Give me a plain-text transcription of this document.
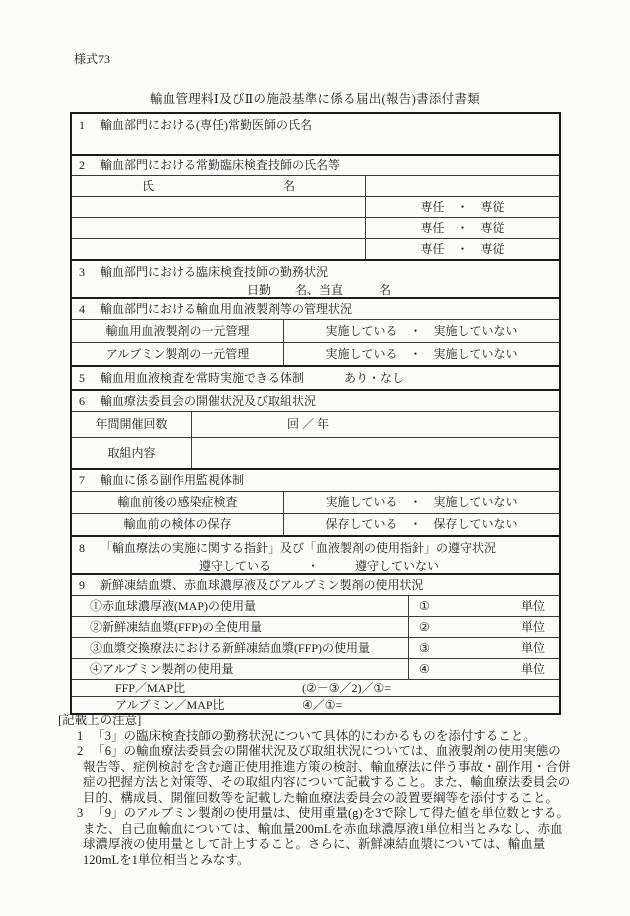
様式73
輸血管理料Ⅰ及びⅡの施設基準に係る届出(報告)書添付書類
1 輸血部門における(専任)常勤医師の氏名
2	輸血部門における常勤臨床検査技師の氏名等
氏	名
専任　・　専従
専任　・　専従
専任　・　専従
3 輸血部門における臨床検査技師の勤務状況
日勤　　名、当直　　　名
4	輸血部門における輸血用血液製剤等の管理状況
輸血用血液製剤の一元管理	実施している　・　実施していない
アルブミン製剤の一元管理	実施している　・　実施していない
5	輸血用血液検査を常時実施できる体制	あり・なし
6	輸血療法委員会の開催状況及び取組状況
年間開催回数	回 ／ 年
取組内容
7	輸血に係る副作用監視体制
輸血前後の感染症検査	実施している　・　実施していない
輸血前の検体の保存	保存している　・　保存していない
8 「輸血療法の実施に関する指針」及び「血液製剤の使用指針」の遵守状況
遵守している　　　・　　　遵守していない
9	新鮮凍結血漿、赤血球濃厚液及びアルブミン製剤の使用状況
①赤血球濃厚液(MAP)の使用量	①	単位
②新鮮凍結血漿(FFP)の全使用量	②	単位
③血漿交換療法における新鮮凍結血漿(FFP)の使用量	③	単位
④アルブミン製剤の使用量	④	単位
FFP／MAP比	(②－③／2)／①=
アルブミン／MAP比	④／①=
[記載上の注意]
1 「3」の臨床検査技師の勤務状況について具体的にわかるものを添付すること。
2 「6」の輸血療法委員会の開催状況及び取組状況については、血液製剤の使用実態の報告等、症例検討を含む適正使用推進方策の検討、輸血療法に伴う事故・副作用・合併症の把握方法と対策等、その取組内容について記載すること。また、輸血療法委員会の目的、構成員、開催回数等を記載した輸血療法委員会の設置要綱等を添付すること。
3 「9」のアルブミン製剤の使用量は、使用重量(g)を3で除して得た値を単位数とする。また、自己血輸血については、輸血量200mLを赤血球濃厚液1単位相当とみなし、赤血球濃厚液の使用量として計上すること。さらに、新鮮凍結血漿については、輸血量120mLを1単位相当とみなす。
